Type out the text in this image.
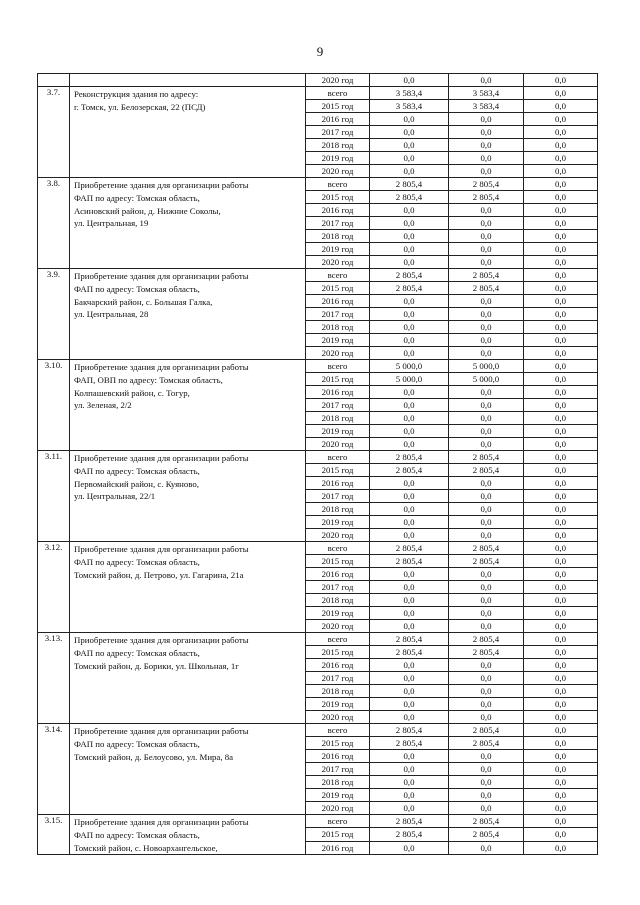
9
		2020 год	0,0	0,0	0,0
3.7.	Реконструкция здания по адресу:
г. Томск, ул. Белозерская, 22 (ПСД)	всего	3 583,4	3 583,4	0,0
		2015 год	3 583,4	3 583,4	0,0
		2016 год	0,0	0,0	0,0
		2017 год	0,0	0,0	0,0
		2018 год	0,0	0,0	0,0
		2019 год	0,0	0,0	0,0
		2020 год	0,0	0,0	0,0
3.8.	Приобретение здания для организации работы
ФАП по адресу: Томская область,
Асиновский район, д. Нижние Соколы,
ул. Центральная, 19	всего	2 805,4	2 805,4	0,0
		2015 год	2 805,4	2 805,4	0,0
		2016 год	0,0	0,0	0,0
		2017 год	0,0	0,0	0,0
		2018 год	0,0	0,0	0,0
		2019 год	0,0	0,0	0,0
		2020 год	0,0	0,0	0,0
3.9.	Приобретение здания для организации работы
ФАП по адресу: Томская область,
Бакчарский район, с. Большая Галка,
ул. Центральная, 28	всего	2 805,4	2 805,4	0,0
		2015 год	2 805,4	2 805,4	0,0
		2016 год	0,0	0,0	0,0
		2017 год	0,0	0,0	0,0
		2018 год	0,0	0,0	0,0
		2019 год	0,0	0,0	0,0
		2020 год	0,0	0,0	0,0
3.10.	Приобретение здания для организации работы
ФАП, ОВП по адресу: Томская область,
Колпашевский район, с. Тогур,
ул. Зеленая, 2/2	всего	5 000,0	5 000,0	0,0
		2015 год	5 000,0	5 000,0	0,0
		2016 год	0,0	0,0	0,0
		2017 год	0,0	0,0	0,0
		2018 год	0,0	0,0	0,0
		2019 год	0,0	0,0	0,0
		2020 год	0,0	0,0	0,0
3.11.	Приобретение здания для организации работы
ФАП по адресу: Томская область,
Первомайский район, с. Куяново,
ул. Центральная, 22/1	всего	2 805,4	2 805,4	0,0
		2015 год	2 805,4	2 805,4	0,0
		2016 год	0,0	0,0	0,0
		2017 год	0,0	0,0	0,0
		2018 год	0,0	0,0	0,0
		2019 год	0,0	0,0	0,0
		2020 год	0,0	0,0	0,0
3.12.	Приобретение здания для организации работы
ФАП по адресу: Томская область,
Томский район, д. Петрово, ул. Гагарина, 21а	всего	2 805,4	2 805,4	0,0
		2015 год	2 805,4	2 805,4	0,0
		2016 год	0,0	0,0	0,0
		2017 год	0,0	0,0	0,0
		2018 год	0,0	0,0	0,0
		2019 год	0,0	0,0	0,0
		2020 год	0,0	0,0	0,0
3.13.	Приобретение здания для организации работы
ФАП по адресу: Томская область,
Томский район, д. Борики, ул. Школьная, 1г	всего	2 805,4	2 805,4	0,0
		2015 год	2 805,4	2 805,4	0,0
		2016 год	0,0	0,0	0,0
		2017 год	0,0	0,0	0,0
		2018 год	0,0	0,0	0,0
		2019 год	0,0	0,0	0,0
		2020 год	0,0	0,0	0,0
3.14.	Приобретение здания для организации работы
ФАП по адресу: Томская область,
Томский район, д. Белоусово, ул. Мира, 8а	всего	2 805,4	2 805,4	0,0
		2015 год	2 805,4	2 805,4	0,0
		2016 год	0,0	0,0	0,0
		2017 год	0,0	0,0	0,0
		2018 год	0,0	0,0	0,0
		2019 год	0,0	0,0	0,0
		2020 год	0,0	0,0	0,0
3.15.	Приобретение здания для организации работы
ФАП по адресу: Томская область,
Томский район, с. Новоархангельское,	всего	2 805,4	2 805,4	0,0
		2015 год	2 805,4	2 805,4	0,0
		2016 год	0,0	0,0	0,0
